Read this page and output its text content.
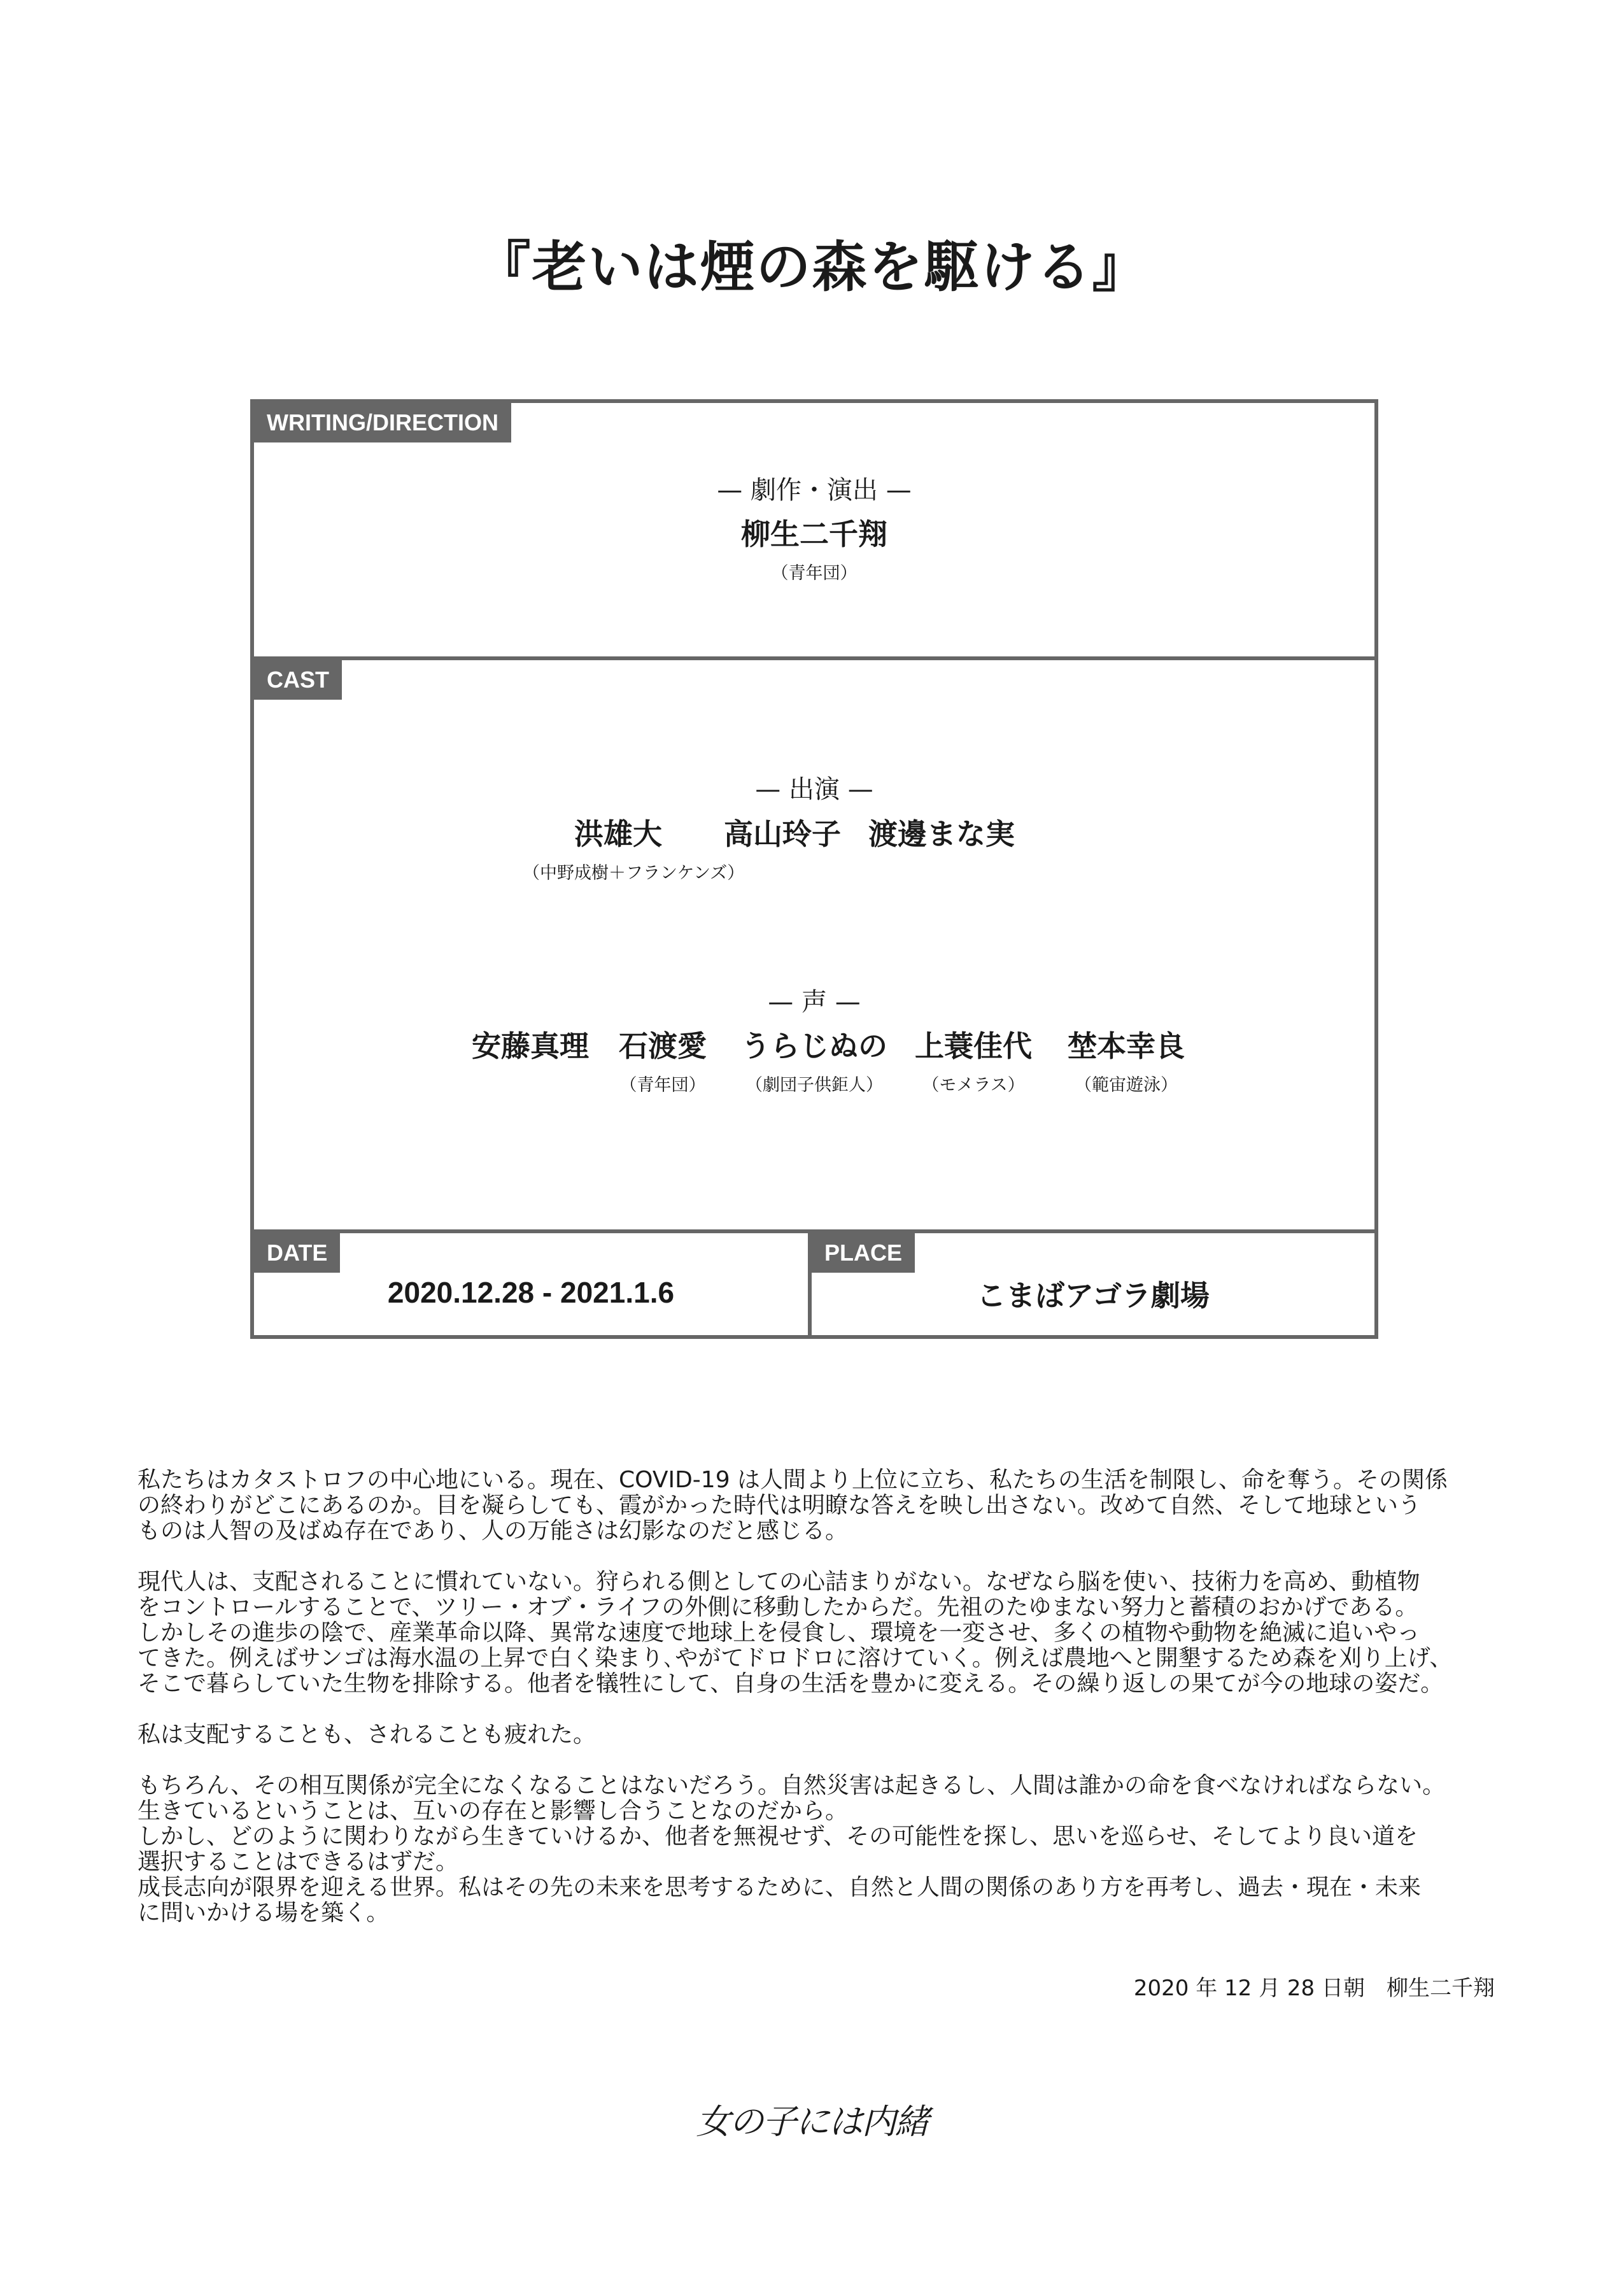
『老いは煙の森を駆ける』
WRITING/DIRECTION
— 劇作・演出 —
柳生二千翔
（青年団）
CAST
— 出演 —
洪雄大
（中野成樹＋フランケンズ）
高山玲子 渡邊まな実
— 声 —
安藤真理	石渡愛
（青年団）
うらじぬの
（劇団子供鉅人）
上蓑佳代
（モメラス）
埜本幸良
（範宙遊泳）
DATE
2020.12.28 - 2021.1.6
PLACE
こまばアゴラ劇場

私たちはカタストロフの中心地にいる。現在、COVID-19 は人間より上位に立ち、私たちの生活を制限し、命を奪う。その関係
の終わりがどこにあるのか。目を凝らしても、霞がかった時代は明瞭な答えを映し出さない。改めて自然、そして地球という
ものは人智の及ばぬ存在であり、人の万能さは幻影なのだと感じる。

現代人は、支配されることに慣れていない。狩られる側としての心詰まりがない。なぜなら脳を使い、技術力を高め、動植物
をコントロールすることで、ツリー・オブ・ライフの外側に移動したからだ。先祖のたゆまない努力と蓄積のおかげである。
しかしその進歩の陰で、産業革命以降、異常な速度で地球上を侵食し、環境を一変させ、多くの植物や動物を絶滅に追いやっ
てきた。例えばサンゴは海水温の上昇で白く染まり､やがてドロドロに溶けていく。例えば農地へと開墾するため森を刈り上げ、
そこで暮らしていた生物を排除する。他者を犠牲にして、自身の生活を豊かに変える。その繰り返しの果てが今の地球の姿だ。

私は支配することも、されることも疲れた。

もちろん、その相互関係が完全になくなることはないだろう。自然災害は起きるし、人間は誰かの命を食べなければならない。
生きているということは、互いの存在と影響し合うことなのだから。
しかし、どのように関わりながら生きていけるか、他者を無視せず、その可能性を探し、思いを巡らせ、そしてより良い道を
選択することはできるはずだ。
成長志向が限界を迎える世界。私はその先の未来を思考するために、自然と人間の関係のあり方を再考し、過去・現在・未来
に問いかける場を築く。

2020 年 12 月 28 日朝　柳生二千翔
女の子には内緒
